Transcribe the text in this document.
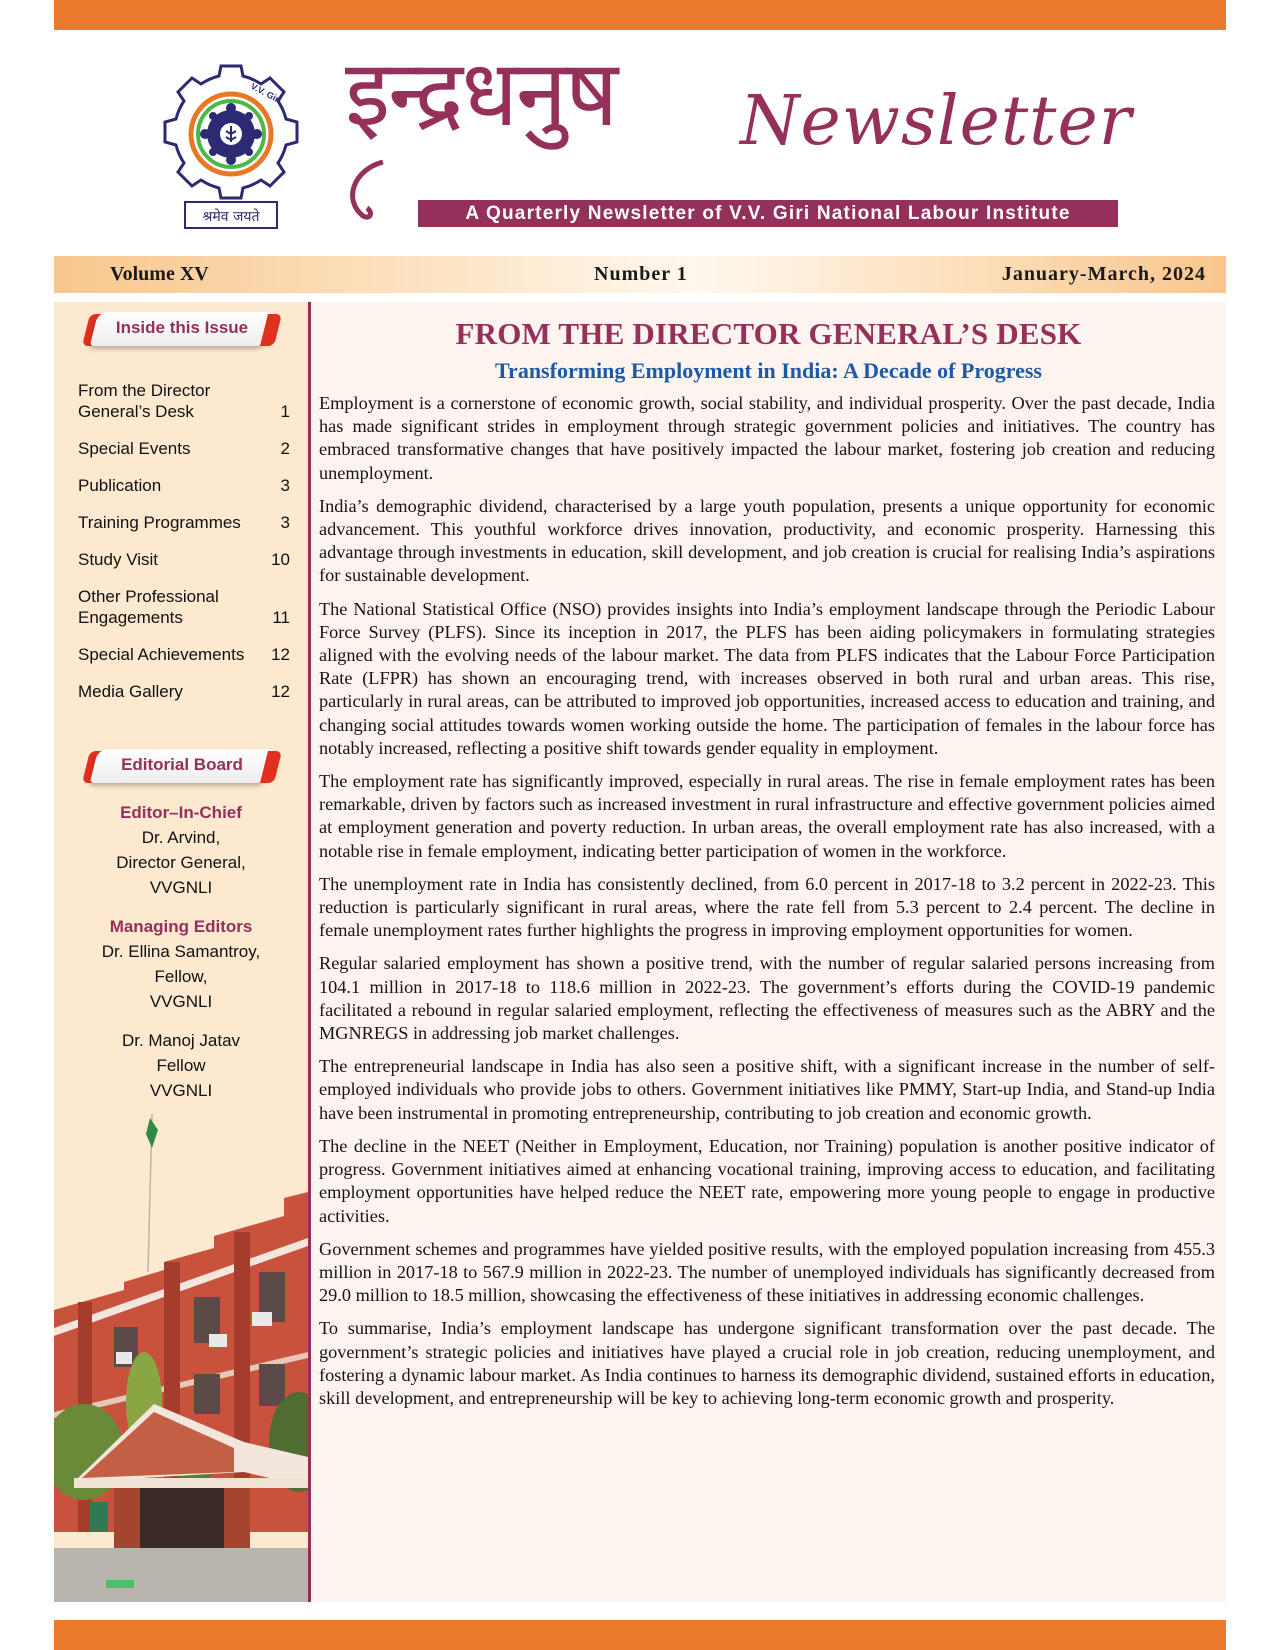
V.V. Giri
श्रमेव जयते
इन्द्रधनुष Newsletter
A Quarterly Newsletter of V.V. Giri National Labour Institute
Volume XV	Number 1	January-March, 2024
Inside this Issue
From the Director General’s Desk	1
Special Events	2
Publication	3
Training Programmes	3
Study Visit	10
Other Professional Engagements	11
Special Achievements	12
Media Gallery	12
Editorial Board
Editor–In-Chief
Dr. Arvind,
Director General,
VVGNLI
Managing Editors
Dr. Ellina Samantroy,
Fellow,
VVGNLI
Dr. Manoj Jatav
Fellow
VVGNLI
FROM THE DIRECTOR GENERAL’S DESK
Transforming Employment in India: A Decade of Progress

Employment is a cornerstone of economic growth, social stability, and individual prosperity. Over the past decade, India has made significant strides in employment through strategic government policies and initiatives. The country has embraced transformative changes that have positively impacted the labour market, fostering job creation and reducing unemployment.

India’s demographic dividend, characterised by a large youth population, presents a unique opportunity for economic advancement. This youthful workforce drives innovation, productivity, and economic prosperity. Harnessing this advantage through investments in education, skill development, and job creation is crucial for realising India’s aspirations for sustainable development.

The National Statistical Office (NSO) provides insights into India’s employment landscape through the Periodic Labour Force Survey (PLFS). Since its inception in 2017, the PLFS has been aiding policymakers in formulating strategies aligned with the evolving needs of the labour market. The data from PLFS indicates that the Labour Force Participation Rate (LFPR) has shown an encouraging trend, with increases observed in both rural and urban areas. This rise, particularly in rural areas, can be attributed to improved job opportunities, increased access to education and training, and changing social attitudes towards women working outside the home. The participation of females in the labour force has notably increased, reflecting a positive shift towards gender equality in employment.

The employment rate has significantly improved, especially in rural areas. The rise in female employment rates has been remarkable, driven by factors such as increased investment in rural infrastructure and effective government policies aimed at employment generation and poverty reduction. In urban areas, the overall employment rate has also increased, with a notable rise in female employment, indicating better participation of women in the workforce.

The unemployment rate in India has consistently declined, from 6.0 percent in 2017-18 to 3.2 percent in 2022-23. This reduction is particularly significant in rural areas, where the rate fell from 5.3 percent to 2.4 percent. The decline in female unemployment rates further highlights the progress in improving employment opportunities for women.

Regular salaried employment has shown a positive trend, with the number of regular salaried persons increasing from 104.1 million in 2017-18 to 118.6 million in 2022-23. The government’s efforts during the COVID-19 pandemic facilitated a rebound in regular salaried employment, reflecting the effectiveness of measures such as the ABRY and the MGNREGS in addressing job market challenges.

The entrepreneurial landscape in India has also seen a positive shift, with a significant increase in the number of self-employed individuals who provide jobs to others. Government initiatives like PMMY, Start-up India, and Stand-up India have been instrumental in promoting entrepreneurship, contributing to job creation and economic growth.

The decline in the NEET (Neither in Employment, Education, nor Training) population is another positive indicator of progress. Government initiatives aimed at enhancing vocational training, improving access to education, and facilitating employment opportunities have helped reduce the NEET rate, empowering more young people to engage in productive activities.

Government schemes and programmes have yielded positive results, with the employed population increasing from 455.3 million in 2017-18 to 567.9 million in 2022-23. The number of unemployed individuals has significantly decreased from 29.0 million to 18.5 million, showcasing the effectiveness of these initiatives in addressing economic challenges.

To summarise, India’s employment landscape has undergone significant transformation over the past decade. The government’s strategic policies and initiatives have played a crucial role in job creation, reducing unemployment, and fostering a dynamic labour market. As India continues to harness its demographic dividend, sustained efforts in education, skill development, and entrepreneurship will be key to achieving long-term economic growth and prosperity.
